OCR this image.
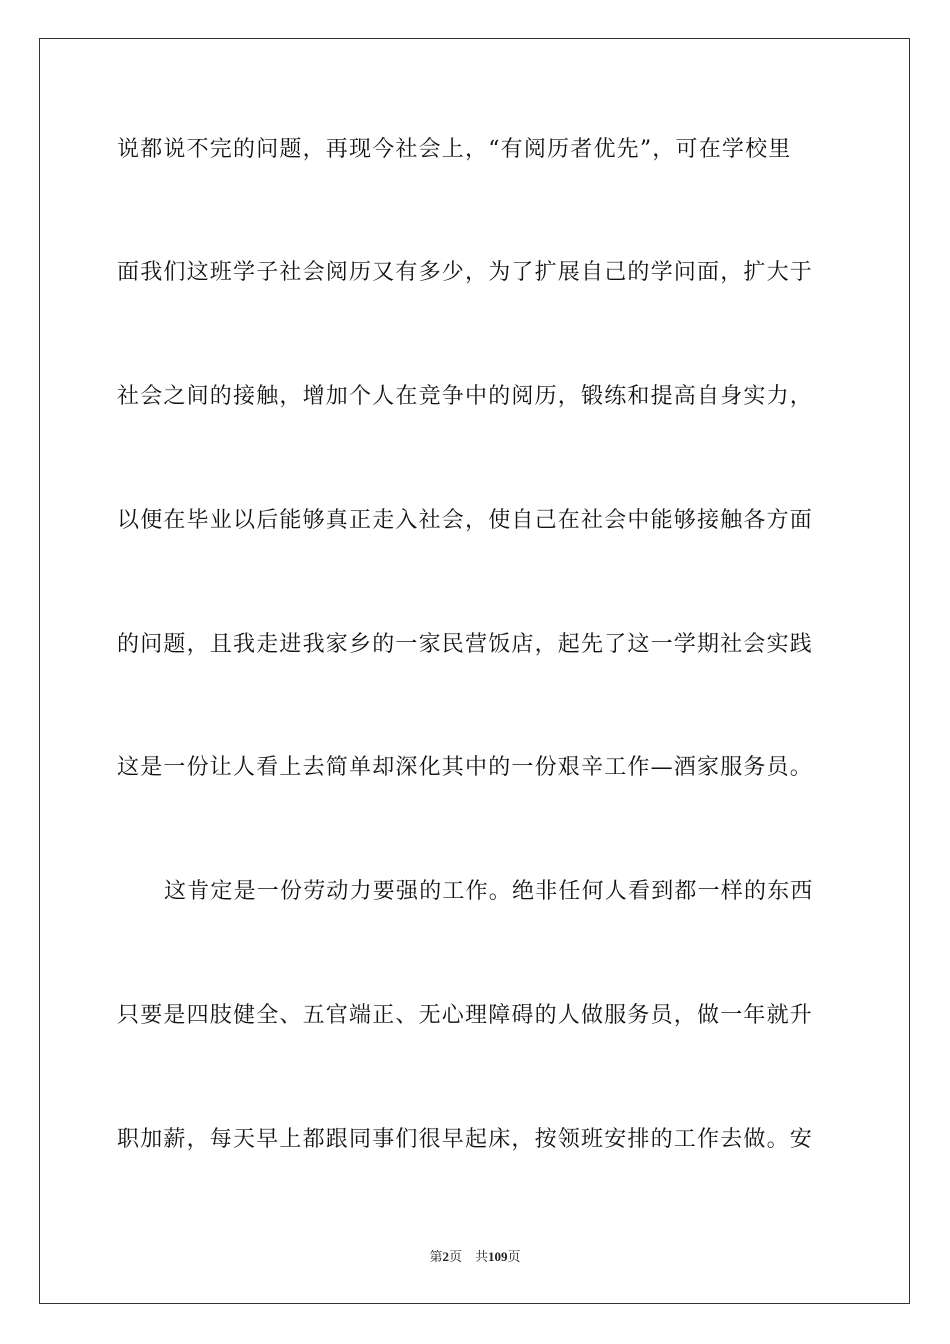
说都说不完的问题，再现今社会上，“有阅历者优先”，可在学校里
面我们这班学子社会阅历又有多少，为了扩展自己的学问面，扩大于
社会之间的接触，增加个人在竞争中的阅历，锻练和提高自身实力，
以便在毕业以后能够真正走入社会，使自己在社会中能够接触各方面
的问题，且我走进我家乡的一家民营饭店，起先了这一学期社会实践
这是一份让人看上去简单却深化其中的一份艰辛工作—酒家服务员。
这肯定是一份劳动力要强的工作。绝非任何人看到都一样的东西
只要是四肢健全、五官端正、无心理障碍的人做服务员，做一年就升
职加薪，每天早上都跟同事们很早起床，按领班安排的工作去做。安
第2页 共109页
